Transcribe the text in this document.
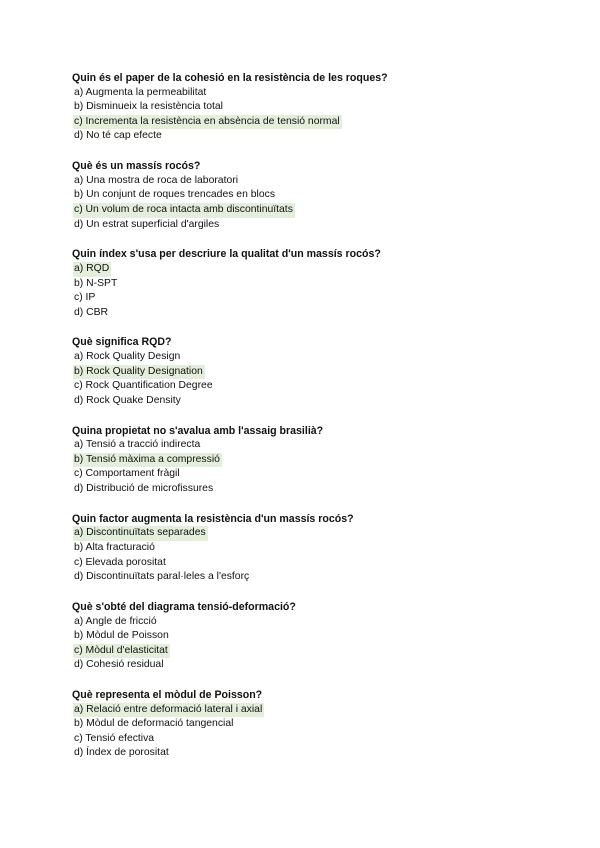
Quin és el paper de la cohesió en la resistència de les roques?
a) Augmenta la permeabilitat
b) Disminueix la resistència total
c) Incrementa la resistència en absència de tensió normal
d) No té cap efecte
Què és un massís rocós?
a) Una mostra de roca de laboratori
b) Un conjunt de roques trencades en blocs
c) Un volum de roca intacta amb discontinuïtats
d) Un estrat superficial d'argiles
Quin índex s'usa per descriure la qualitat d'un massís rocós?
a) RQD
b) N-SPT
c) IP
d) CBR
Què significa RQD?
a) Rock Quality Design
b) Rock Quality Designation
c) Rock Quantification Degree
d) Rock Quake Density
Quina propietat no s'avalua amb l'assaig brasilià?
a) Tensió a tracció indirecta
b) Tensió màxima a compressió
c) Comportament fràgil
d) Distribució de microfissures
Quin factor augmenta la resistència d'un massís rocós?
a) Discontinuïtats separades
b) Alta fracturació
c) Elevada porositat
d) Discontinuïtats paral·leles a l'esforç
Què s'obté del diagrama tensió-deformació?
a) Angle de fricció
b) Mòdul de Poisson
c) Mòdul d'elasticitat
d) Cohesió residual
Què representa el mòdul de Poisson?
a) Relació entre deformació lateral i axial
b) Mòdul de deformació tangencial
c) Tensió efectiva
d) Índex de porositat
